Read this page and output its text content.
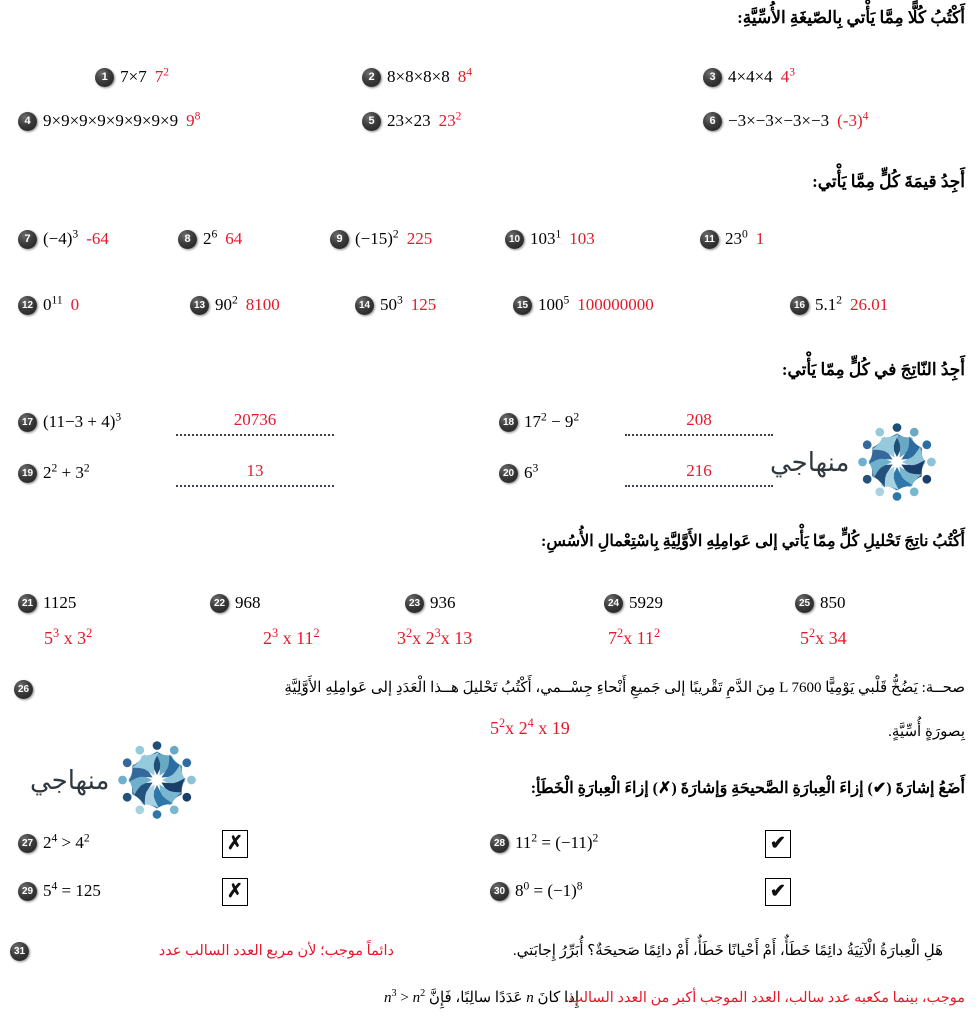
أَكْتُبُ كُلًّا مِمَّا يَأْتي بِالصّيغَةِ الأُسِّيَّةِ:
1 7×7 $7^2$	2 8×8×8×8 $8^4$	3 4×4×4 $4^3$
4 9×9×9×9×9×9×9×9 $9^8$	5 23×23 $23^2$	6 −3×−3×−3×−3 $(-3)^4$
أَجِدُ قيمَةَ كُلٍّ مِمَّا يَأْتي:
7 $(-4)^3$ -64	8 $2^6$ 64	9 $(-15)^2$ 225	10 $103^1$ 103	11 $23^0$ 1
12 $0^{11}$ 0	13 $90^2$ 8100	14 $50^3$ 125	15 $100^5$ 100000000	16 $5.1^2$ 26.01
أَجِدُ النّاتِجَ في كُلٍّ مِمّا يَأْتي:
17 $(11-3 + 4)^3$	20736	18 $17^2 - 9^2$	208
19 $2^2 + 3^2$	13	20 $6^3$	216	منهاجي
أَكْتُبُ ناتِجَ تَحْليلِ كُلٍّ مِمّا يَأْتي إلى عَوامِلِهِ الأَوَّلِيَّةِ بِاسْتِعْمالِ الأُسُسِ:
21 1125
$5^3$ x $3^2$
22 968
$2^3$ x $11^2$
23 936
$3^2x$ $2^3x$ 13
24 5929
$7^2x$ $11^2$
25 850
$5^2x$ 34
26	صحــة: يَضُخُّ قَلْبي يَوْمِيًّا L 7600 مِنَ الدَّمِ تَقْريبًا إلى جَميعِ أَنْحاءِ جِسْــمي، أَكْتُبُ تَحْليلَ هــذا الْعَدَدِ إلى عَوامِلِهِ الأَوَّلِيَّةِ
بِصورَةٍ أُسِّيَّةٍ.
$5^2x$ $2^4$ x 19
منهاجي	أَضَعُ إشارَةَ (✔) إزاءَ الْعِبارَةِ الصَّحيحَةِ وَإشارَةَ (✗) إزاءَ الْعِبارَةِ الْخَطَأِ:
27 $2^4 > 4^2$	✗	28 $11^2 = (-11)^2$	✔
29 $5^4 = 125$	✗	30 $8^0 = (-1)^8$	✔
31	هَلِ الْعِبارَةُ الْآتِيَةُ دائِمًا خَطَأٌ، أَمْ أَحْيانًا خَطَأٌ، أَمْ دائِمًا صَحيحَةٌ؟ أُبَرِّرُ إِجابَتي.
دائماً موجب؛ لأن مربع العدد السالب عدد
إِذا كانَ n عَدَدًا سالِبًا، فَإِنَّ $n^3 > n^2$	موجب، بينما مكعبه عدد سالب، العدد الموجب أكبر من العدد السالب.
